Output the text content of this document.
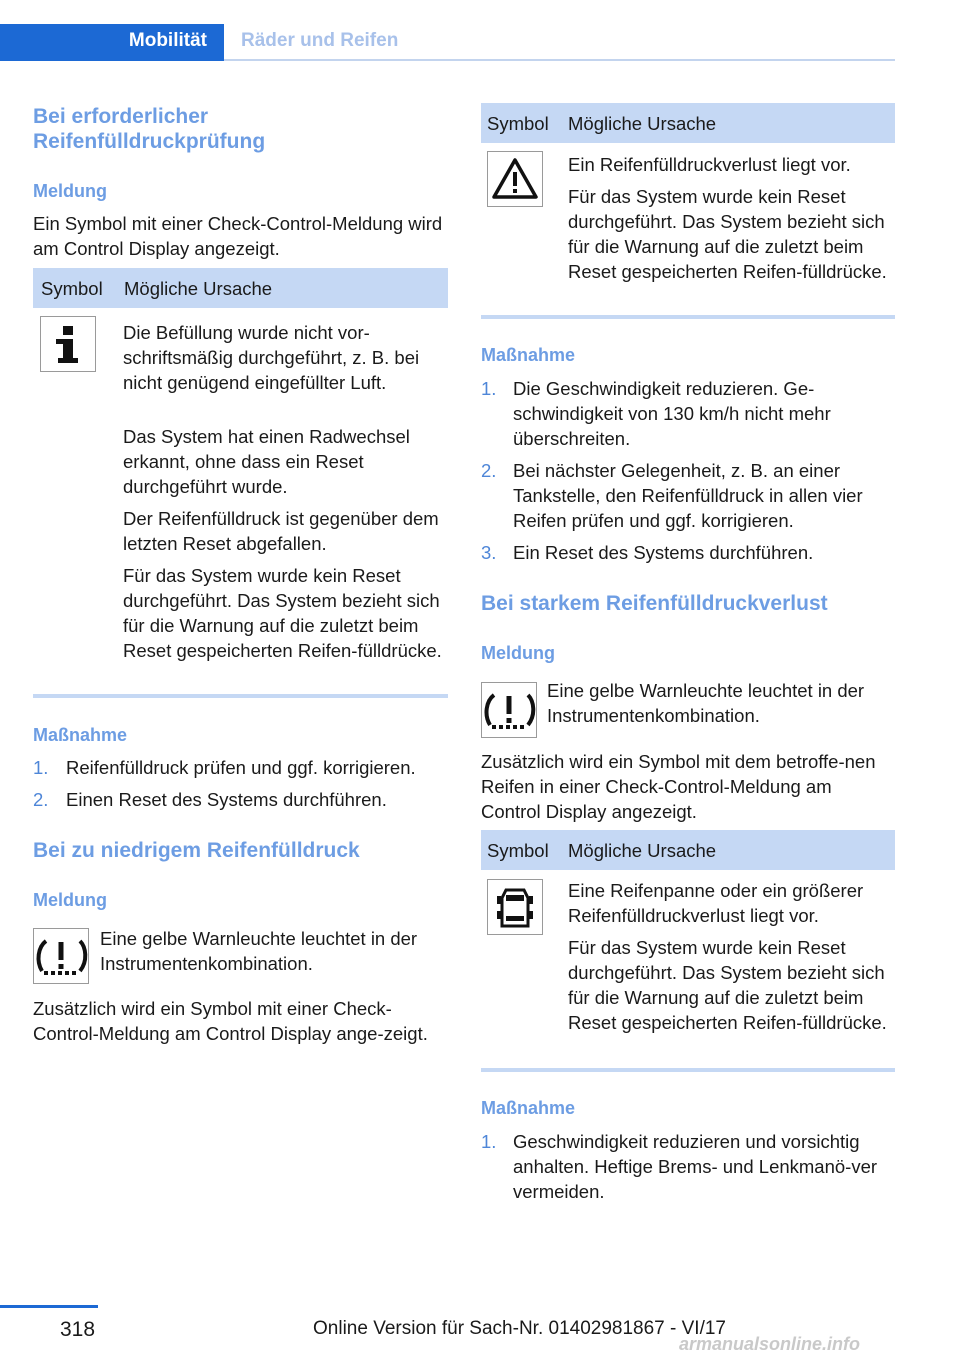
Mobilität	Räder und Reifen
Bei erforderlicher Reifenfülldruckprüfung
Meldung
Ein Symbol mit einer Check-Control-Meldung wird am Control Display angezeigt.
Symbol Mögliche Ursache
Die Befüllung wurde nicht vor-schriftsmäßig durchgeführt, z. B. bei nicht genügend eingefüllter Luft.
Das System hat einen Radwechsel erkannt, ohne dass ein Reset durchgeführt wurde.
Der Reifenfülldruck ist gegenüber dem letzten Reset abgefallen.
Für das System wurde kein Reset durchgeführt. Das System bezieht sich für die Warnung auf die zuletzt beim Reset gespeicherten Reifen-fülldrücke.
Maßnahme
1. Reifenfülldruck prüfen und ggf. korrigieren.
2. Einen Reset des Systems durchführen.
Bei zu niedrigem Reifenfülldruck
Meldung
Eine gelbe Warnleuchte leuchtet in der Instrumentenkombination.
Zusätzlich wird ein Symbol mit einer Check-Control-Meldung am Control Display ange-zeigt.
Symbol Mögliche Ursache
Ein Reifenfülldruckverlust liegt vor.
Für das System wurde kein Reset durchgeführt. Das System bezieht sich für die Warnung auf die zuletzt beim Reset gespeicherten Reifen-fülldrücke.
Maßnahme
1. Die Geschwindigkeit reduzieren. Ge-schwindigkeit von 130 km/h nicht mehr überschreiten.
2. Bei nächster Gelegenheit, z. B. an einer Tankstelle, den Reifenfülldruck in allen vier Reifen prüfen und ggf. korrigieren.
3. Ein Reset des Systems durchführen.
Bei starkem Reifenfülldruckverlust
Meldung
Eine gelbe Warnleuchte leuchtet in der Instrumentenkombination.
Zusätzlich wird ein Symbol mit dem betroffe-nen Reifen in einer Check-Control-Meldung am Control Display angezeigt.
Symbol Mögliche Ursache
Eine Reifenpanne oder ein größerer Reifenfülldruckverlust liegt vor.
Für das System wurde kein Reset durchgeführt. Das System bezieht sich für die Warnung auf die zuletzt beim Reset gespeicherten Reifen-fülldrücke.
Maßnahme
1. Geschwindigkeit reduzieren und vorsichtig anhalten. Heftige Brems- und Lenkmanö-ver vermeiden.
318	Online Version für Sach-Nr. 01402981867 - VI/17
armanualsonline.info
